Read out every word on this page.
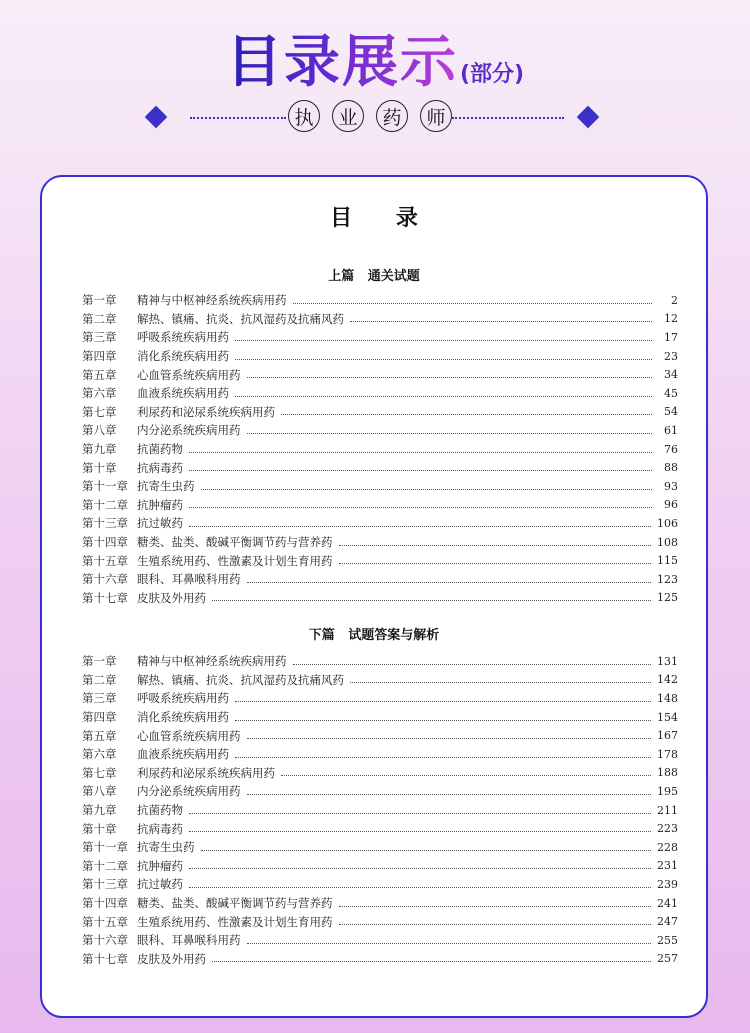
目录展示(部分)
执	业	药	师
目 录
上篇   通关试题
第一章	精神与中枢神经系统疾病用药	2
第二章	解热、镇痛、抗炎、抗风湿药及抗痛风药	12
第三章	呼吸系统疾病用药	17
第四章	消化系统疾病用药	23
第五章	心血管系统疾病用药	34
第六章	血液系统疾病用药	45
第七章	利尿药和泌尿系统疾病用药	54
第八章	内分泌系统疾病用药	61
第九章	抗菌药物	76
第十章	抗病毒药	88
第十一章 抗寄生虫药	93
第十二章 抗肿瘤药	96
第十三章 抗过敏药	106
第十四章 糖类、盐类、酸碱平衡调节药与营养药	108
第十五章 生殖系统用药、性激素及计划生育用药	115
第十六章 眼科、耳鼻喉科用药	123
第十七章 皮肤及外用药	125
下篇   试题答案与解析
第一章	精神与中枢神经系统疾病用药	131
第二章	解热、镇痛、抗炎、抗风湿药及抗痛风药	142
第三章	呼吸系统疾病用药	148
第四章	消化系统疾病用药	154
第五章	心血管系统疾病用药	167
第六章	血液系统疾病用药	178
第七章	利尿药和泌尿系统疾病用药	188
第八章	内分泌系统疾病用药	195
第九章	抗菌药物	211
第十章	抗病毒药	223
第十一章 抗寄生虫药	228
第十二章 抗肿瘤药	231
第十三章 抗过敏药	239
第十四章 糖类、盐类、酸碱平衡调节药与营养药	241
第十五章 生殖系统用药、性激素及计划生育用药	247
第十六章 眼科、耳鼻喉科用药	255
第十七章 皮肤及外用药	257
